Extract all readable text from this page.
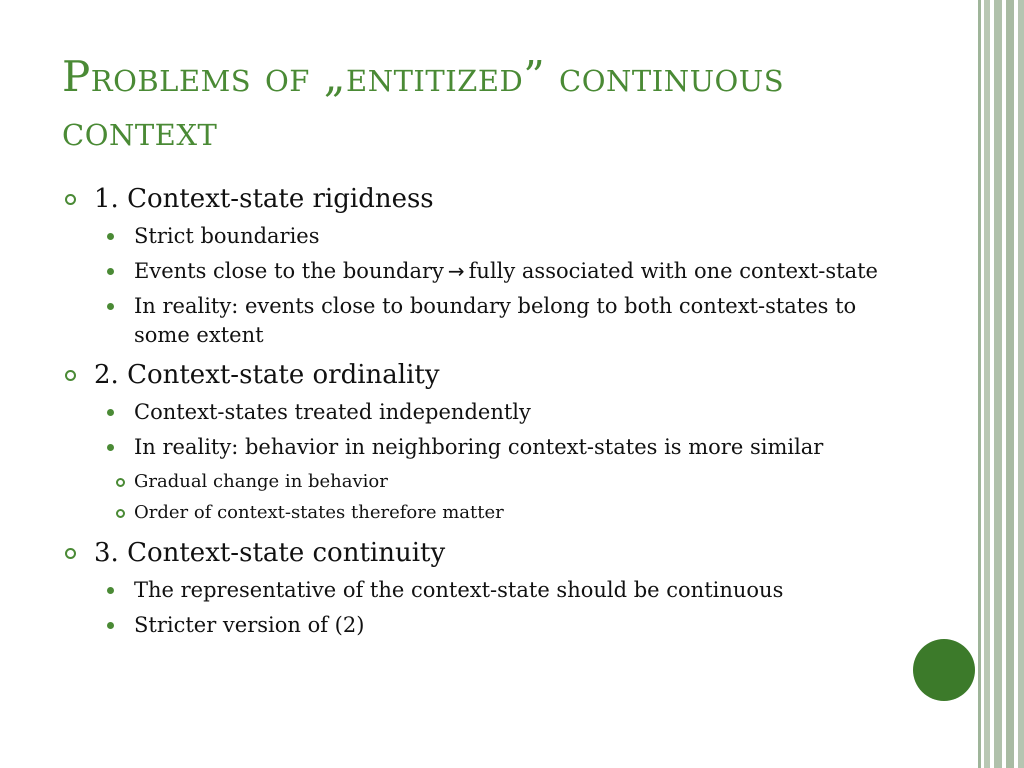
Problems of „entitized” continuous context
1. Context-state rigidness
Strict boundaries
Events close to the boundary → fully associated with one context-state
In reality: events close to boundary belong to both context-states to some extent
2. Context-state ordinality
Context-states treated independently
In reality: behavior in neighboring context-states is more similar
Gradual change in behavior
Order of context-states therefore matter
3. Context-state continuity
The representative of the context-state should be continuous
Stricter version of (2)
